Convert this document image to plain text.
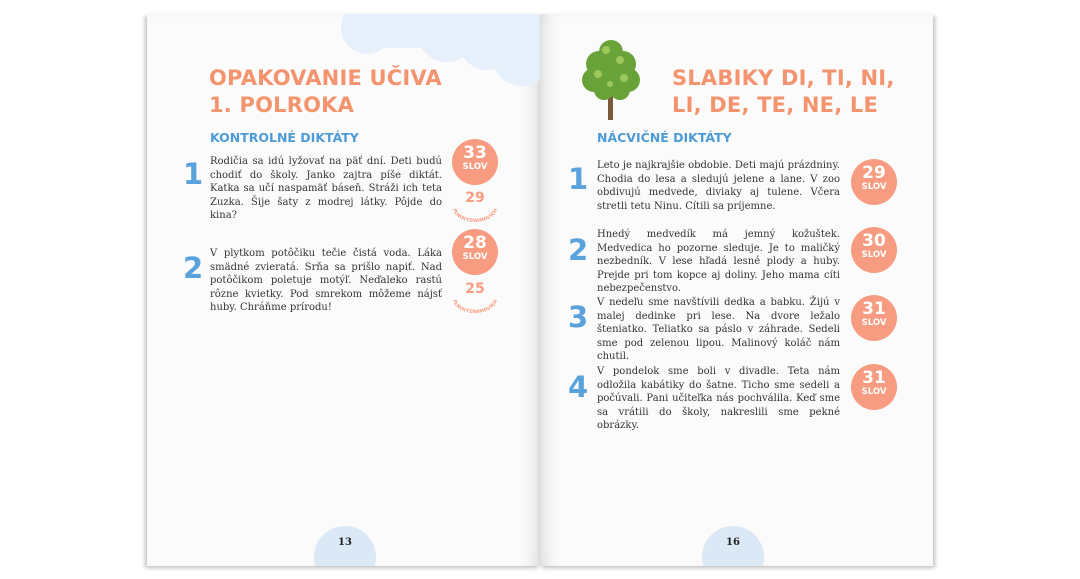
OPAKOVANIE UČIVA
1. POLROKA
KONTROLNÉ DIKTÁTY
1 Rodičia sa idú lyžovať na päť dní. Deti budú chodiť do školy. Janko zajtra píše diktát. Katka sa učí naspamäť báseň. Stráži ich teta Zuzka. Šije šaty z modrej látky. Pôjde do kina?
33
SLOV
29
PLNOVÝZNAMOVÝCH
2 V plytkom potôčiku tečie čistá voda. Láka smädné zvieratá. Srňa sa prišlo napiť. Nad potôčikom poletuje motýľ. Neďaleko rastú rôzne kvietky. Pod smrekom môžeme nájsť huby. Chráňme prírodu!
28
SLOV
25
PLNOVÝZNAMOVÝCH
13
SLABIKY DI, TI, NI,
LI, DE, TE, NE, LE
NÁCVIČNÉ DIKTÁTY
1 Leto je najkrajšie obdobie. Deti majú prázdniny. Chodia do lesa a sledujú jelene a lane. V zoo obdivujú medvede, diviaky aj tulene. Včera stretli tetu Ninu. Cítili sa príjemne.
29
SLOV
2 Hnedý medvedík má jemný kožuštek. Medvedica ho pozorne sleduje. Je to maličký nezbedník. V lese hľadá lesné plody a huby. Prejde pri tom kopce aj doliny. Jeho mama cíti nebezpečenstvo.
30
SLOV
3 V nedeľu sme navštívili dedka a babku. Žijú v malej dedinke pri lese. Na dvore ležalo šteniatko. Teliatko sa páslo v záhrade. Sedeli sme pod zelenou lipou. Malinový koláč nám chutil.
31
SLOV
4 V pondelok sme boli v divadle. Teta nám odložila kabátiky do šatne. Ticho sme sedeli a počúvali. Pani učiteľka nás pochválila. Keď sme sa vrátili do školy, nakreslili sme pekné obrázky.
31
SLOV
16
